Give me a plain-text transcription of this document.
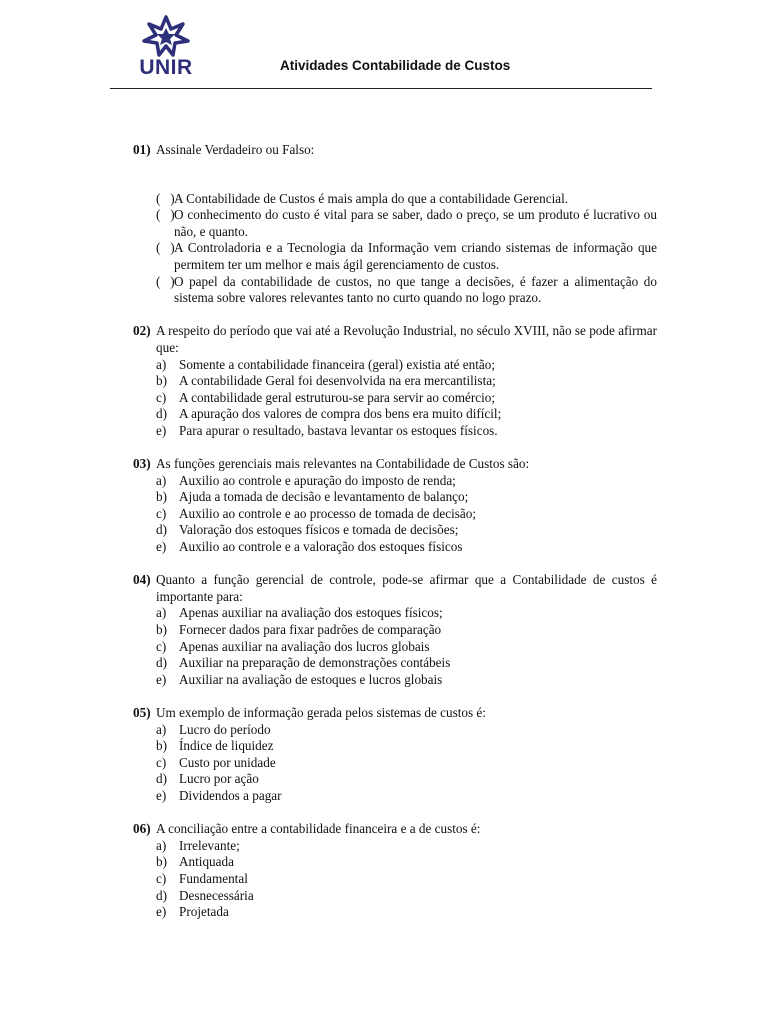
UNIR	Atividades Contabilidade de Custos
01) Assinale Verdadeiro ou Falso:
(   ) A Contabilidade de Custos é mais ampla do que a contabilidade Gerencial.
(   ) O conhecimento do custo é vital para se saber, dado o preço, se um produto é lucrativo ou não, e quanto.
(   ) A Controladoria e a Tecnologia da Informação vem criando sistemas de informação que permitem ter um melhor e mais ágil gerenciamento de custos.
(   ) O papel da contabilidade de custos, no que tange a decisões, é fazer a alimentação do sistema sobre valores relevantes tanto no curto quando no logo prazo.
02) A respeito do período que vai até a Revolução Industrial, no século XVIII, não se pode afirmar que:
a) Somente a contabilidade financeira (geral) existia até então;
b) A contabilidade Geral foi desenvolvida na era mercantilista;
c) A contabilidade geral estruturou-se para servir ao comércio;
d) A apuração dos valores de compra dos bens era muito difícil;
e) Para apurar o resultado, bastava levantar os estoques físicos.
03) As funções gerenciais mais relevantes na Contabilidade de Custos são:
a) Auxilio ao controle e apuração do imposto de renda;
b) Ajuda a tomada de decisão e levantamento de balanço;
c) Auxilio ao controle e ao processo de tomada de decisão;
d) Valoração dos estoques físicos e tomada de decisões;
e) Auxilio ao controle e a valoração dos estoques físicos
04) Quanto a função gerencial de controle, pode-se afirmar que a Contabilidade de custos é importante para:
a) Apenas auxiliar na avaliação dos estoques físicos;
b) Fornecer dados para fixar padrões de comparação
c) Apenas auxiliar na avaliação dos lucros globais
d) Auxiliar na preparação de demonstrações contábeis
e) Auxiliar na avaliação de estoques e lucros globais
05) Um exemplo de informação gerada pelos sistemas de custos é:
a) Lucro do período
b) Índice de liquidez
c) Custo por unidade
d) Lucro por ação
e) Dividendos a pagar
06) A conciliação entre a contabilidade financeira e a de custos é:
a) Irrelevante;
b) Antiquada
c) Fundamental
d) Desnecessária
e) Projetada
